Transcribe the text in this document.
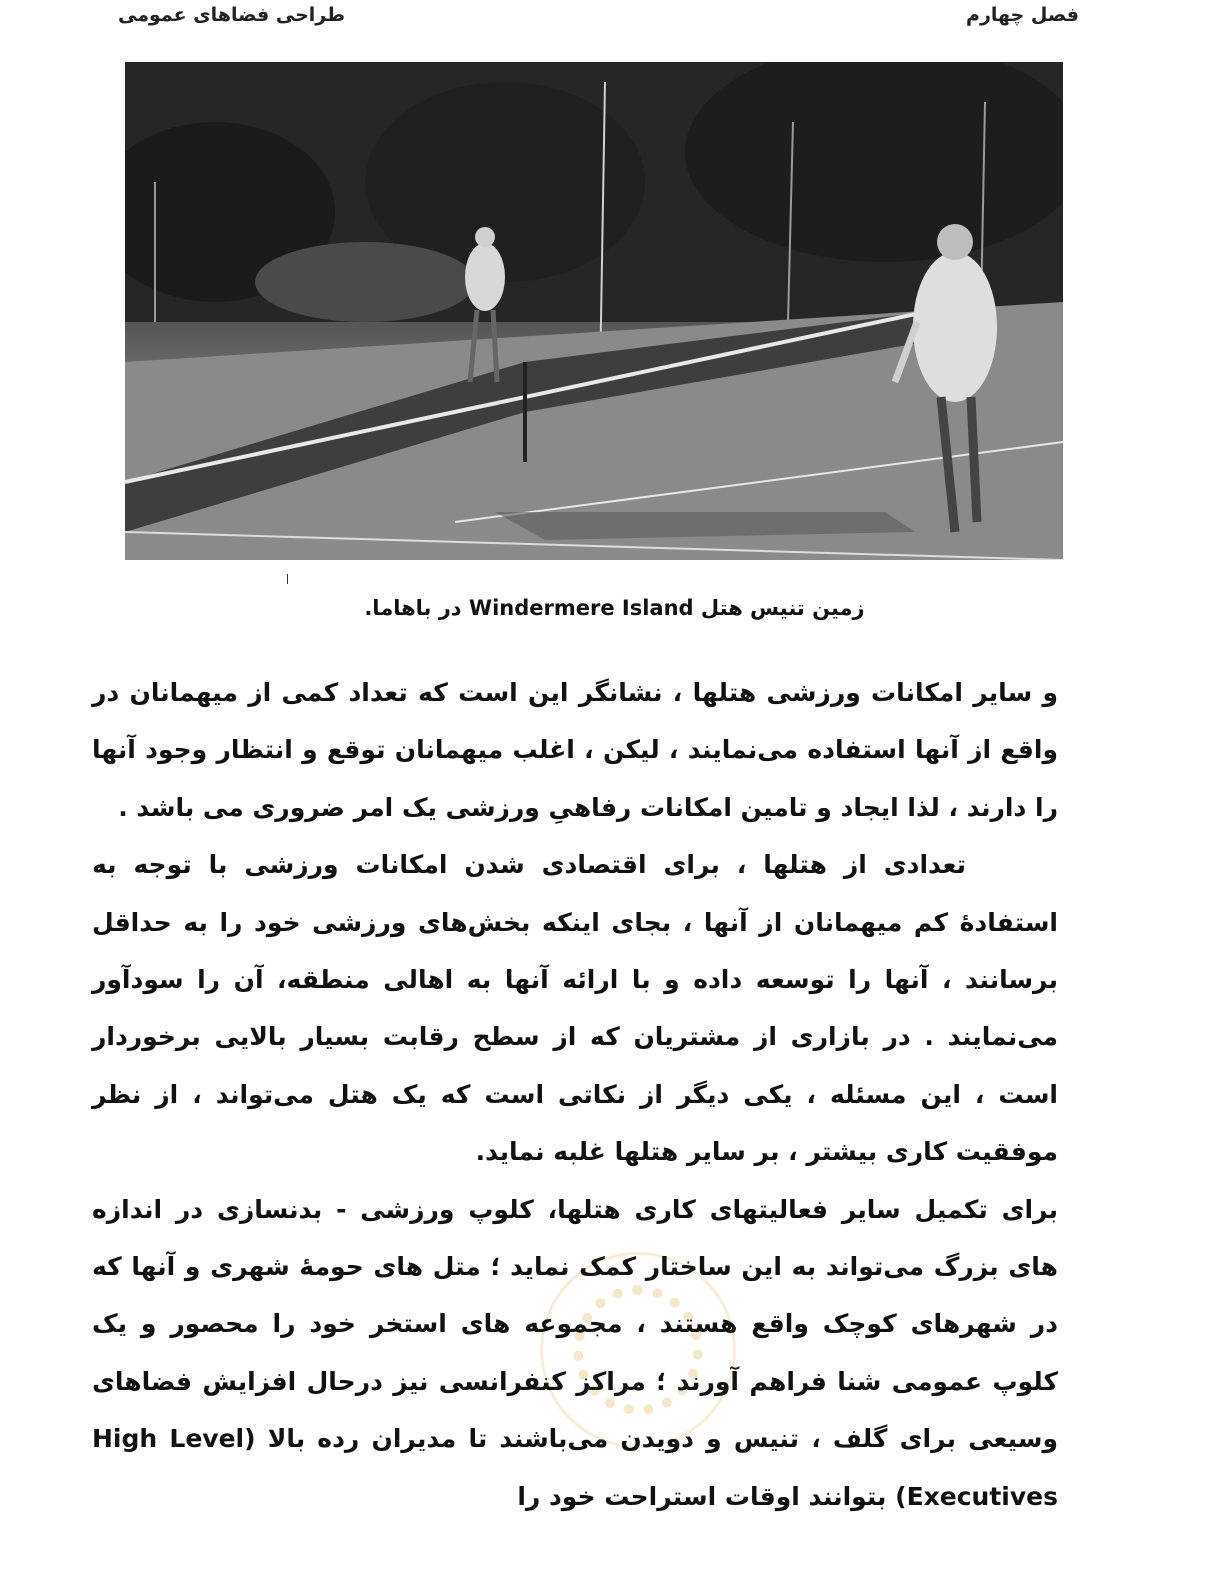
فصل چهارم
طراحی فضاهای عمومی
زمین تنیس هتل Windermere Island در باهاما.

و سایر امکانات ورزشی هتلها ، نشانگر این است که تعداد کمی از میهمانان در واقع از آنها استفاده می‌نمایند ، لیکن ، اغلب میهمانان توقع و انتظار وجود آنها را دارند ، لذا ایجاد و تامین امکانات رفاهیِ ورزشی یک امر ضروری می باشد .

تعدادی از هتلها ، برای اقتصادی شدن امکانات ورزشی با توجه به استفادهٔ کم میهمانان از آنها ، بجای اینکه بخش‌های ورزشی خود را به حداقل برسانند ، آنها را توسعه داده و با ارائه آنها به اهالی منطقه، آن را سودآور می‌نمایند . در بازاری از مشتریان که از سطح رقابت بسیار بالایی برخوردار است ، این مسئله ، یکی دیگر از نکاتی است که یک هتل می‌تواند ، از نظر موفقیت کاری بیشتر ، بر سایر هتلها غلبه نماید.

برای تکمیل سایر فعالیتهای کاری هتلها، کلوپ ورزشی - بدنسازی در اندازه های بزرگ می‌تواند به این ساختار کمک نماید ؛ متل های حومهٔ شهری و آنها که در شهرهای کوچک واقع هستند ، مجموعه های استخر خود را محصور و یک کلوپ عمومی شنا فراهم آورند ؛ مراکز کنفرانسی نیز درحال افزایش فضاهای وسیعی برای گلف ، تنیس و دویدن می‌باشند تا مدیران رده بالا (High Level Executives) بتوانند اوقات استراحت خود را
